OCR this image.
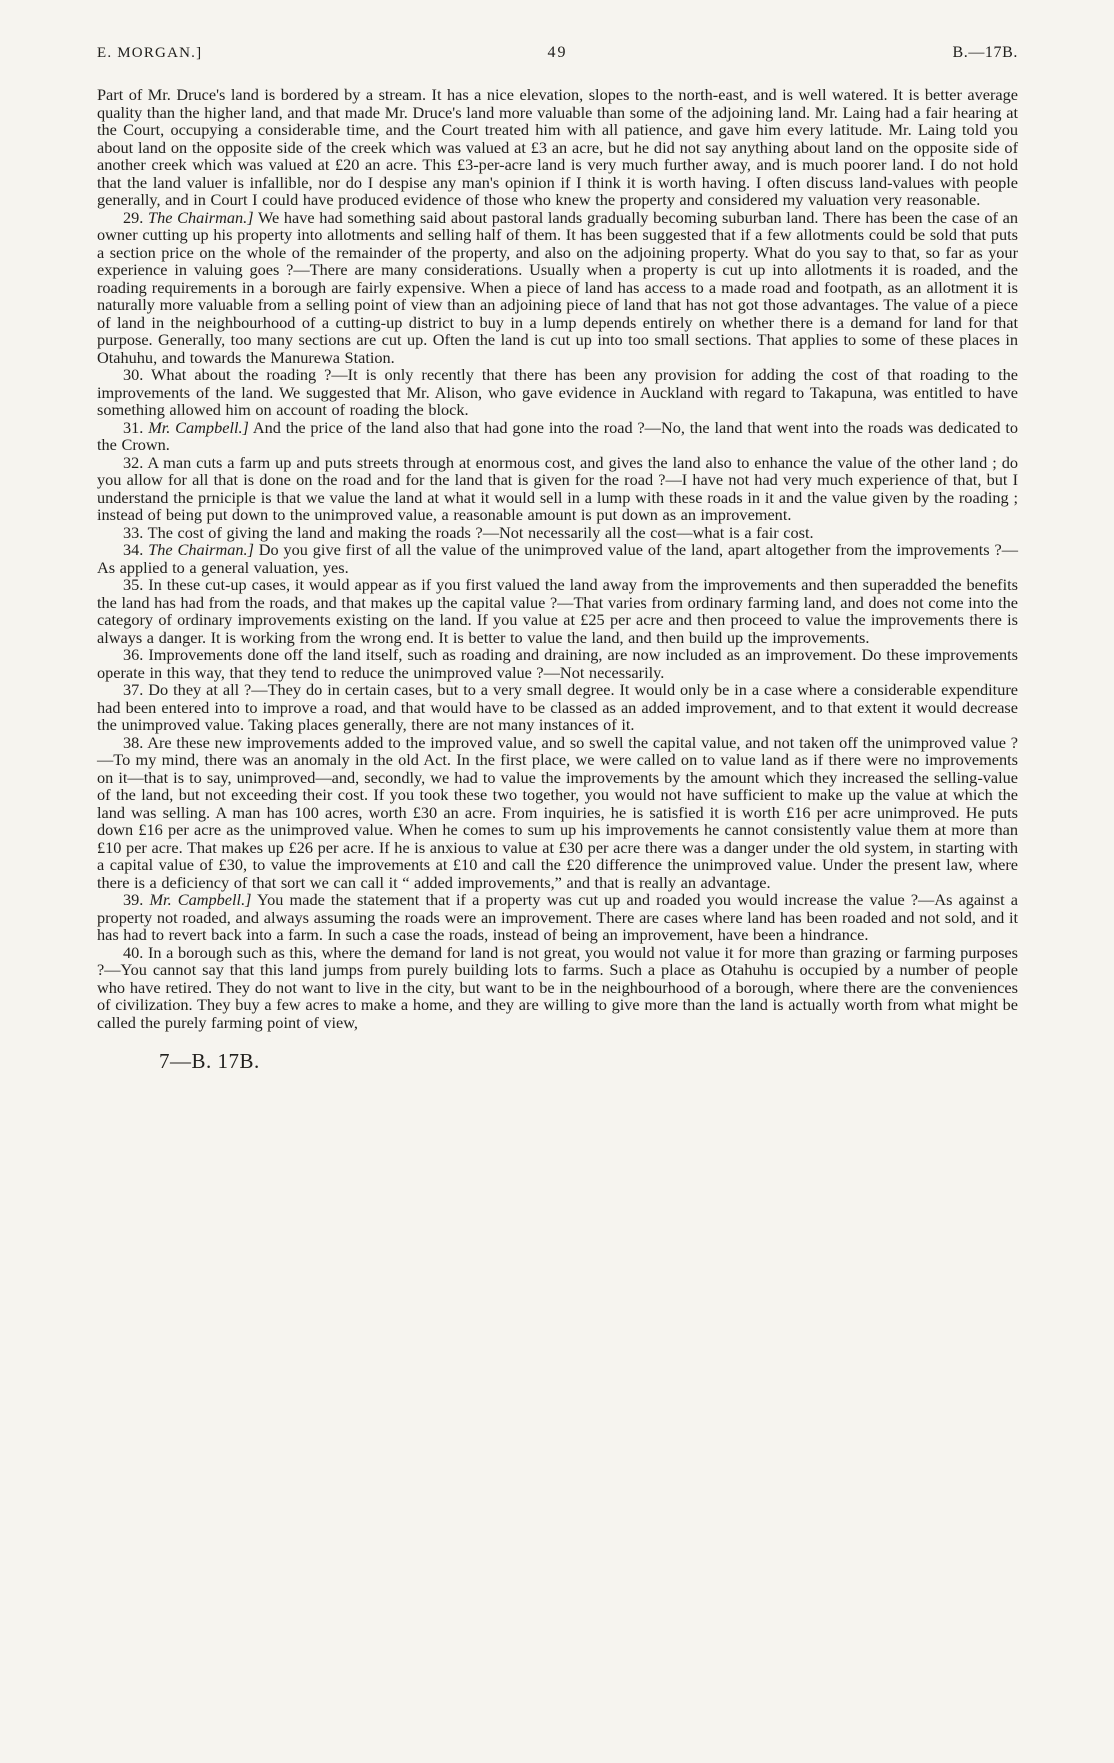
E. MORGAN.]	49	B.—17B.

Part of Mr. Druce's land is bordered by a stream. It has a nice elevation, slopes to the north-east, and is well watered. It is better average quality than the higher land, and that made Mr. Druce's land more valuable than some of the adjoining land. Mr. Laing had a fair hearing at the Court, occupying a considerable time, and the Court treated him with all patience, and gave him every latitude. Mr. Laing told you about land on the opposite side of the creek which was valued at £3 an acre, but he did not say anything about land on the opposite side of another creek which was valued at £20 an acre. This £3-per-acre land is very much further away, and is much poorer land. I do not hold that the land valuer is infallible, nor do I despise any man's opinion if I think it is worth having. I often discuss land-values with people generally, and in Court I could have produced evidence of those who knew the property and considered my valuation very reasonable.

29. The Chairman.] We have had something said about pastoral lands gradually becoming suburban land. There has been the case of an owner cutting up his property into allotments and selling half of them. It has been suggested that if a few allotments could be sold that puts a section price on the whole of the remainder of the property, and also on the adjoining property. What do you say to that, so far as your experience in valuing goes ?—There are many considerations. Usually when a property is cut up into allotments it is roaded, and the roading requirements in a borough are fairly expensive. When a piece of land has access to a made road and footpath, as an allotment it is naturally more valuable from a selling point of view than an adjoining piece of land that has not got those advantages. The value of a piece of land in the neighbourhood of a cutting-up district to buy in a lump depends entirely on whether there is a demand for land for that purpose. Generally, too many sections are cut up. Often the land is cut up into too small sections. That applies to some of these places in Otahuhu, and towards the Manurewa Station.

30. What about the roading ?—It is only recently that there has been any provision for adding the cost of that roading to the improvements of the land. We suggested that Mr. Alison, who gave evidence in Auckland with regard to Takapuna, was entitled to have something allowed him on account of roading the block.

31. Mr. Campbell.] And the price of the land also that had gone into the road ?—No, the land that went into the roads was dedicated to the Crown.

32. A man cuts a farm up and puts streets through at enormous cost, and gives the land also to enhance the value of the other land ; do you allow for all that is done on the road and for the land that is given for the road ?—I have not had very much experience of that, but I understand the prniciple is that we value the land at what it would sell in a lump with these roads in it and the value given by the roading ; instead of being put down to the unimproved value, a reasonable amount is put down as an improvement.

33. The cost of giving the land and making the roads ?—Not necessarily all the cost—what is a fair cost.

34. The Chairman.] Do you give first of all the value of the unimproved value of the land, apart altogether from the improvements ?—As applied to a general valuation, yes.

35. In these cut-up cases, it would appear as if you first valued the land away from the improvements and then superadded the benefits the land has had from the roads, and that makes up the capital value ?—That varies from ordinary farming land, and does not come into the category of ordinary improvements existing on the land. If you value at £25 per acre and then proceed to value the improvements there is always a danger. It is working from the wrong end. It is better to value the land, and then build up the improvements.

36. Improvements done off the land itself, such as roading and draining, are now included as an improvement. Do these improvements operate in this way, that they tend to reduce the unimproved value ?—Not necessarily.

37. Do they at all ?—They do in certain cases, but to a very small degree. It would only be in a case where a considerable expenditure had been entered into to improve a road, and that would have to be classed as an added improvement, and to that extent it would decrease the unimproved value. Taking places generally, there are not many instances of it.

38. Are these new improvements added to the improved value, and so swell the capital value, and not taken off the unimproved value ?—To my mind, there was an anomaly in the old Act. In the first place, we were called on to value land as if there were no improvements on it—that is to say, unimproved—and, secondly, we had to value the improvements by the amount which they increased the selling-value of the land, but not exceeding their cost. If you took these two together, you would not have sufficient to make up the value at which the land was selling. A man has 100 acres, worth £30 an acre. From inquiries, he is satisfied it is worth £16 per acre unimproved. He puts down £16 per acre as the unimproved value. When he comes to sum up his improvements he cannot consistently value them at more than £10 per acre. That makes up £26 per acre. If he is anxious to value at £30 per acre there was a danger under the old system, in starting with a capital value of £30, to value the improvements at £10 and call the £20 difference the unimproved value. Under the present law, where there is a deficiency of that sort we can call it “ added improvements,” and that is really an advantage.

39. Mr. Campbell.] You made the statement that if a property was cut up and roaded you would increase the value ?—As against a property not roaded, and always assuming the roads were an improvement. There are cases where land has been roaded and not sold, and it has had to revert back into a farm. In such a case the roads, instead of being an improvement, have been a hindrance.

40. In a borough such as this, where the demand for land is not great, you would not value it for more than grazing or farming purposes ?—You cannot say that this land jumps from purely building lots to farms. Such a place as Otahuhu is occupied by a number of people who have retired. They do not want to live in the city, but want to be in the neighbourhood of a borough, where there are the conveniences of civilization. They buy a few acres to make a home, and they are willing to give more than the land is actually worth from what might be called the purely farming point of view,

7—B. 17B.
